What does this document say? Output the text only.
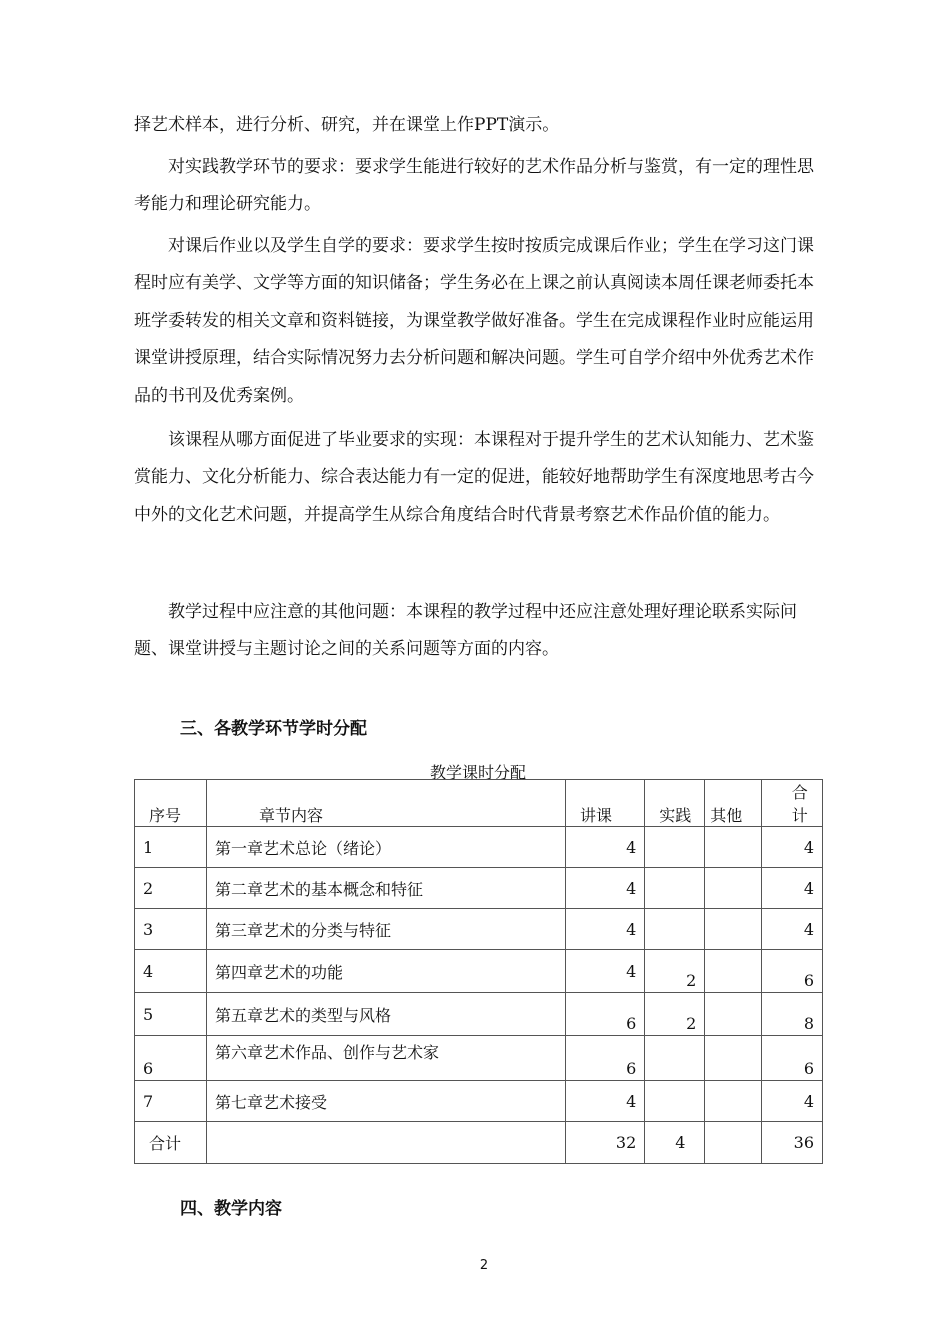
择艺术样本，进行分析、研究，并在课堂上作PPT演示。

对实践教学环节的要求：要求学生能进行较好的艺术作品分析与鉴赏，有一定的理性思考能力和理论研究能力。

对课后作业以及学生自学的要求：要求学生按时按质完成课后作业；学生在学习这门课程时应有美学、文学等方面的知识储备；学生务必在上课之前认真阅读本周任课老师委托本班学委转发的相关文章和资料链接，为课堂教学做好准备。学生在完成课程作业时应能运用课堂讲授原理，结合实际情况努力去分析问题和解决问题。学生可自学介绍中外优秀艺术作品的书刊及优秀案例。

该课程从哪方面促进了毕业要求的实现：本课程对于提升学生的艺术认知能力、艺术鉴赏能力、文化分析能力、综合表达能力有一定的促进，能较好地帮助学生有深度地思考古今中外的文化艺术问题，并提高学生从综合角度结合时代背景考察艺术作品价值的能力。

教学过程中应注意的其他问题：本课程的教学过程中还应注意处理好理论联系实际问题、课堂讲授与主题讨论之间的关系问题等方面的内容。

三、各教学环节学时分配
教学课时分配
序号	章节内容	讲课	实践	其他	合计
1	第一章艺术总论（绪论）	4			4
2	第二章艺术的基本概念和特征	4			4
3	第三章艺术的分类与特征	4			4
4	第四章艺术的功能	4	2		6
5	第五章艺术的类型与风格	6	2		8
6	第六章艺术作品、创作与艺术家	6			6
7	第七章艺术接受	4			4
合计		32	4		36
四、教学内容
2
